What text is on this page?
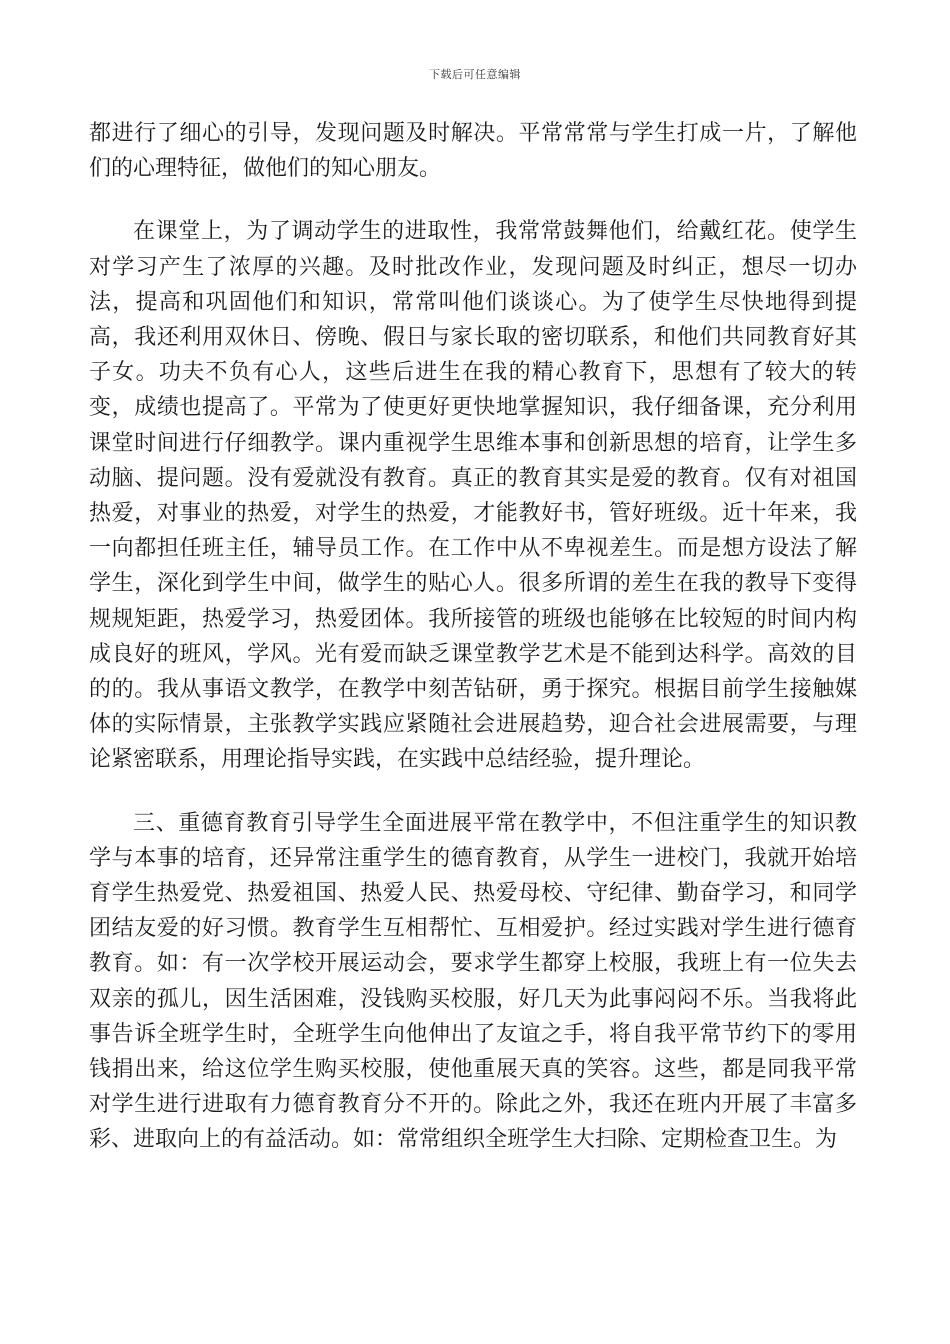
下载后可任意编辑

都进行了细心的引导，发现问题及时解决。平常常常与学生打成一片，了解他们的心理特征，做他们的知心朋友。

在课堂上，为了调动学生的进取性，我常常鼓舞他们，给戴红花。使学生对学习产生了浓厚的兴趣。及时批改作业，发现问题及时纠正，想尽一切办法，提高和巩固他们和知识，常常叫他们谈谈心。为了使学生尽快地得到提高，我还利用双休日、傍晚、假日与家长取的密切联系，和他们共同教育好其子女。功夫不负有心人，这些后进生在我的精心教育下，思想有了较大的转变，成绩也提高了。平常为了使更好更快地掌握知识，我仔细备课，充分利用课堂时间进行仔细教学。课内重视学生思维本事和创新思想的培育，让学生多动脑、提问题。没有爱就没有教育。真正的教育其实是爱的教育。仅有对祖国热爱，对事业的热爱，对学生的热爱，才能教好书，管好班级。近十年来，我一向都担任班主任，辅导员工作。在工作中从不卑视差生。而是想方设法了解学生，深化到学生中间，做学生的贴心人。很多所谓的差生在我的教导下变得规规矩距，热爱学习，热爱团体。我所接管的班级也能够在比较短的时间内构成良好的班风，学风。光有爱而缺乏课堂教学艺术是不能到达科学。高效的目的的。我从事语文教学，在教学中刻苦钻研，勇于探究。根据目前学生接触媒体的实际情景，主张教学实践应紧随社会进展趋势，迎合社会进展需要，与理论紧密联系，用理论指导实践，在实践中总结经验，提升理论。

三、重德育教育引导学生全面进展平常在教学中，不但注重学生的知识教学与本事的培育，还异常注重学生的德育教育，从学生一进校门，我就开始培育学生热爱党、热爱祖国、热爱人民、热爱母校、守纪律、勤奋学习，和同学团结友爱的好习惯。教育学生互相帮忙、互相爱护。经过实践对学生进行德育教育。如：有一次学校开展运动会，要求学生都穿上校服，我班上有一位失去双亲的孤儿，因生活困难，没钱购买校服，好几天为此事闷闷不乐。当我将此事告诉全班学生时，全班学生向他伸出了友谊之手，将自我平常节约下的零用钱捐出来，给这位学生购买校服，使他重展天真的笑容。这些，都是同我平常对学生进行进取有力德育教育分不开的。除此之外，我还在班内开展了丰富多彩、进取向上的有益活动。如：常常组织全班学生大扫除、定期检查卫生。为
